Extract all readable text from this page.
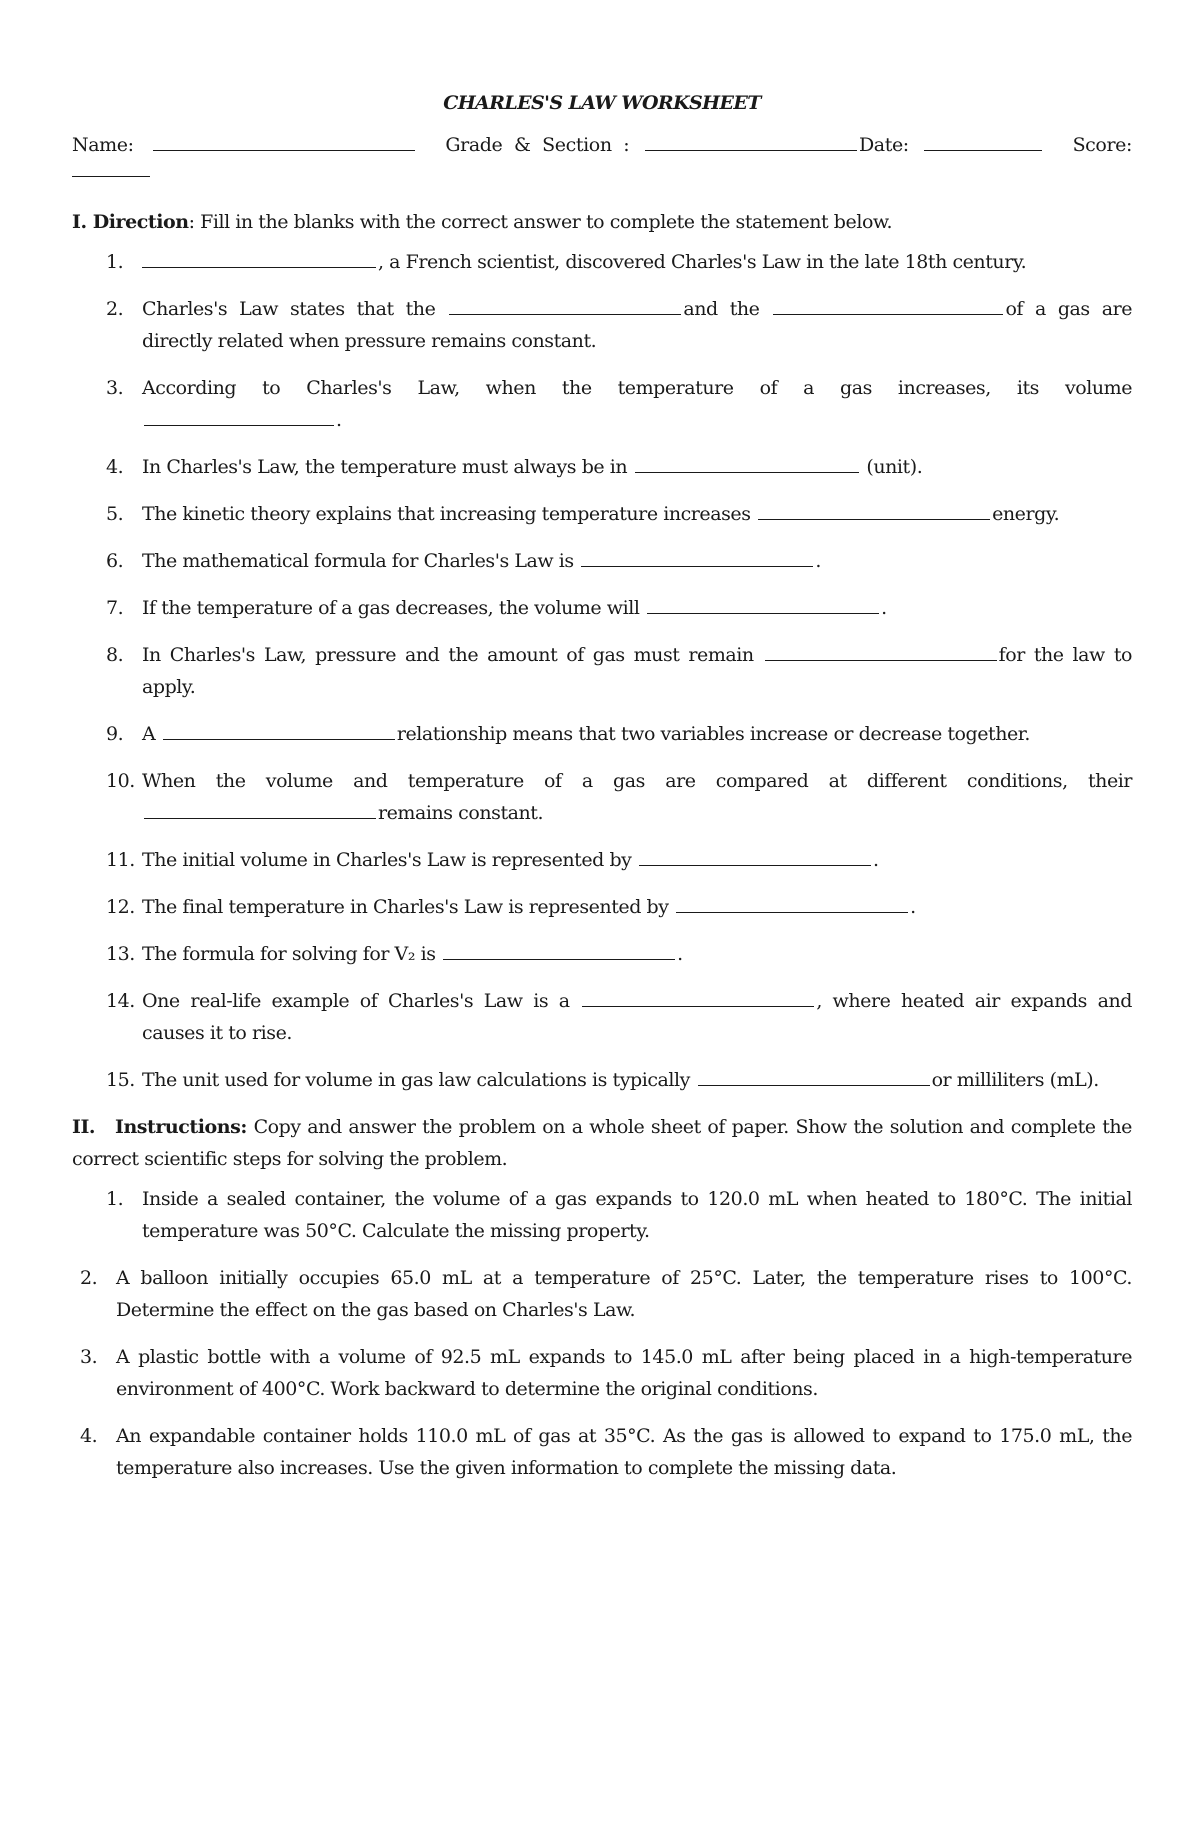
CHARLES'S LAW WORKSHEET
Name:	Grade & Section :	Date:	Score:
I. Direction: Fill in the blanks with the correct answer to complete the statement below.
1.	, a French scientist, discovered Charles's Law in the late 18th century.
2. Charles's Law states that the	and the	of a gas are directly related when pressure remains constant.
3. According to Charles's Law, when the temperature of a gas increases, its volume .
4. In Charles's Law, the temperature must always be in	(unit).
5. The kinetic theory explains that increasing temperature increases	energy.
6. The mathematical formula for Charles's Law is	.
7. If the temperature of a gas decreases, the volume will	.
8. In Charles's Law, pressure and the amount of gas must remain	for the law to apply.
9. A	relationship means that two variables increase or decrease together.
10. When the volume and temperature of a gas are compared at different conditions, their remains constant.
11. The initial volume in Charles's Law is represented by	.
12. The final temperature in Charles's Law is represented by	.
13. The formula for solving for V₂ is	.
14. One real-life example of Charles's Law is a	, where heated air expands and causes it to rise.
15. The unit used for volume in gas law calculations is typically	or milliliters (mL).
II. Instructions: Copy and answer the problem on a whole sheet of paper. Show the solution and complete the correct scientific steps for solving the problem.
1. Inside a sealed container, the volume of a gas expands to 120.0 mL when heated to 180°C. The initial temperature was 50°C. Calculate the missing property.
2. A balloon initially occupies 65.0 mL at a temperature of 25°C. Later, the temperature rises to 100°C. Determine the effect on the gas based on Charles's Law.
3. A plastic bottle with a volume of 92.5 mL expands to 145.0 mL after being placed in a high-temperature environment of 400°C. Work backward to determine the original conditions.
4. An expandable container holds 110.0 mL of gas at 35°C. As the gas is allowed to expand to 175.0 mL, the temperature also increases. Use the given information to complete the missing data.
